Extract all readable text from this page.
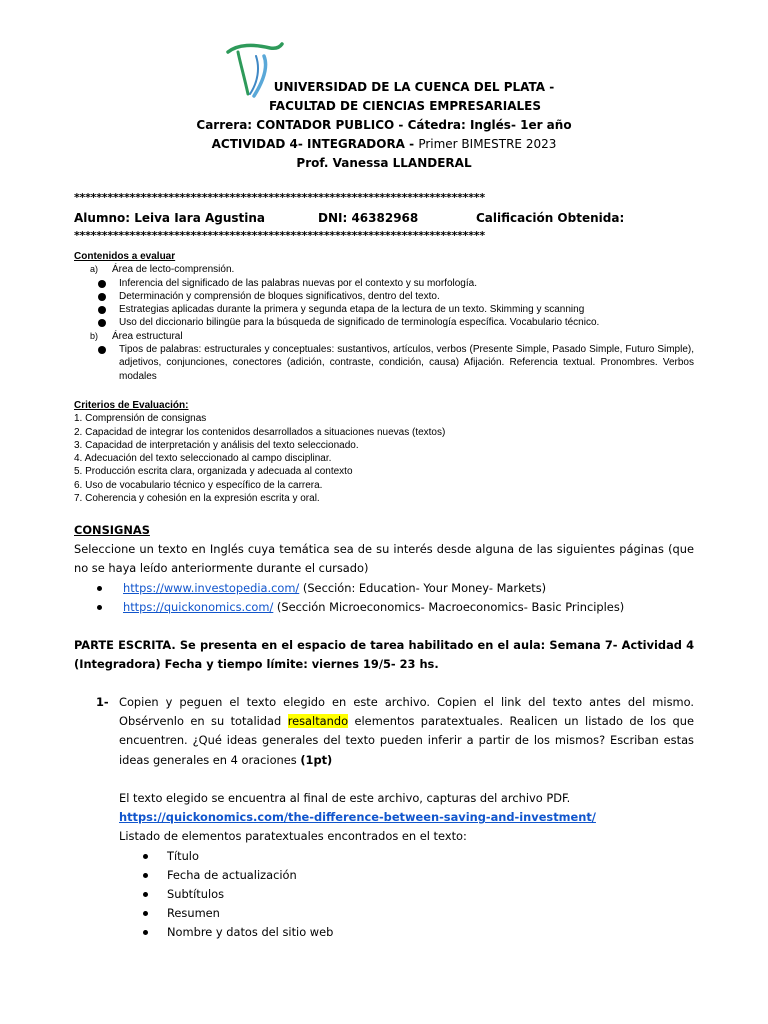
UNIVERSIDAD DE LA CUENCA DEL PLATA -
FACULTAD DE CIENCIAS EMPRESARIALES
Carrera: CONTADOR PUBLICO - Cátedra: Inglés- 1er año
ACTIVIDAD 4- INTEGRADORA - Primer BIMESTRE 2023
Prof. Vanessa LLANDERAL
**************************************************************************
Alumno: Leiva Iara Agustina	DNI: 46382968	Calificación Obtenida:
**************************************************************************
Contenidos a evaluar
a)	Área de lecto-comprensión.
Inferencia del significado de las palabras nuevas por el contexto y su morfología.
Determinación y comprensión de bloques significativos, dentro del texto.
Estrategias aplicadas durante la primera y segunda etapa de la lectura de un texto. Skimming y scanning
Uso del diccionario bilingüe para la búsqueda de significado de terminología específica. Vocabulario técnico.
b)	Área estructural
Tipos de palabras: estructurales y conceptuales: sustantivos, artículos, verbos (Presente Simple, Pasado Simple, Futuro Simple), adjetivos, conjunciones, conectores (adición, contraste, condición, causa) Afijación. Referencia textual. Pronombres. Verbos modales
Criterios de Evaluación:
1. Comprensión de consignas
2. Capacidad de integrar los contenidos desarrollados a situaciones nuevas (textos)
3. Capacidad de interpretación y análisis del texto seleccionado.
4. Adecuación del texto seleccionado al campo disciplinar.
5. Producción escrita clara, organizada y adecuada al contexto
6. Uso de vocabulario técnico y específico de la carrera.
7. Coherencia y cohesión en la expresión escrita y oral.
CONSIGNAS
Seleccione un texto en Inglés cuya temática sea de su interés desde alguna de las siguientes páginas (que no se haya leído anteriormente durante el cursado)
https://www.investopedia.com/ (Sección: Education- Your Money- Markets)
https://quickonomics.com/ (Sección Microeconomics- Macroeconomics- Basic Principles)
PARTE ESCRITA. Se presenta en el espacio de tarea habilitado en el aula: Semana 7- Actividad 4 (Integradora) Fecha y tiempo límite: viernes 19/5- 23 hs.
1- Copien y peguen el texto elegido en este archivo. Copien el link del texto antes del mismo. Obsérvenlo en su totalidad resaltando elementos paratextuales. Realicen un listado de los que encuentren. ¿Qué ideas generales del texto pueden inferir a partir de los mismos? Escriban estas ideas generales en 4 oraciones (1pt)
El texto elegido se encuentra al final de este archivo, capturas del archivo PDF.
https://quickonomics.com/the-difference-between-saving-and-investment/
Listado de elementos paratextuales encontrados en el texto:
Título
Fecha de actualización
Subtítulos
Resumen
Nombre y datos del sitio web
